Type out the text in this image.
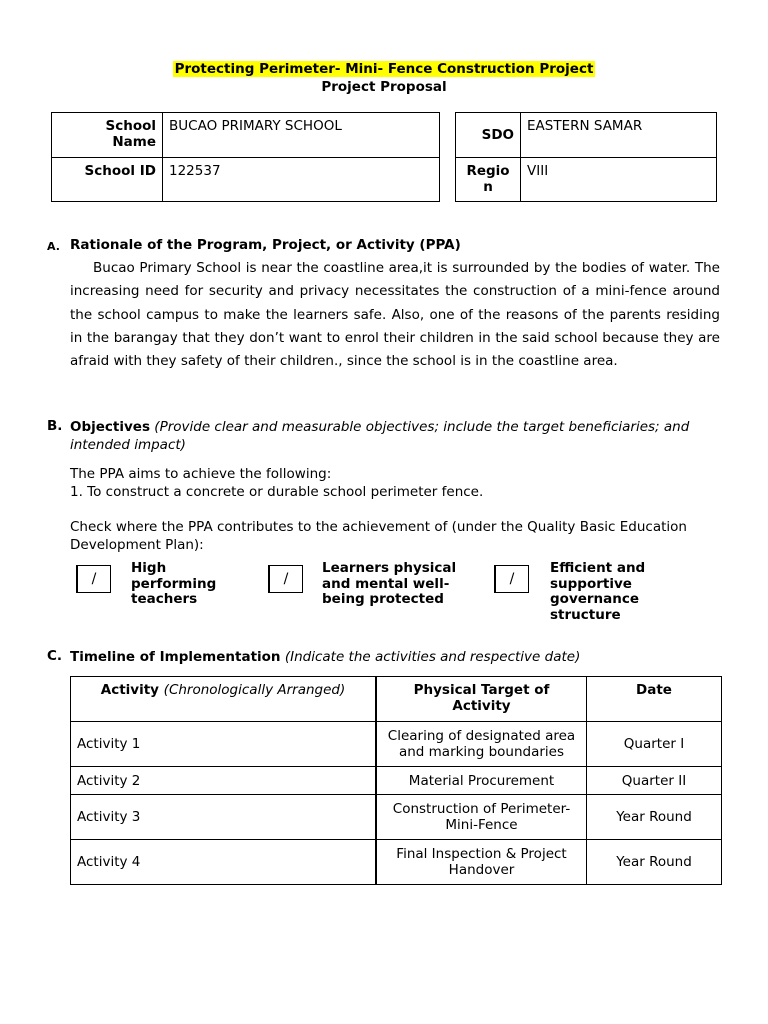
Protecting Perimeter- Mini- Fence Construction Project
Project Proposal
School
Name	BUCAO PRIMARY SCHOOL
School ID	122537
SDO	EASTERN SAMAR
Regio
n	VIII
A. Rationale of the Program, Project, or Activity (PPA)
Bucao Primary School is near the coastline area,it is surrounded by the bodies of water. The increasing need for security and privacy necessitates the construction of a mini-fence around the school campus to make the learners safe. Also, one of the reasons of the parents residing in the barangay that they don’t want to enrol their children in the said school because they are afraid with they safety of their children., since the school is in the coastline area.
B. Objectives (Provide clear and measurable objectives; include the target beneficiaries; and intended impact)
The PPA aims to achieve the following:
1. To construct a concrete or durable school perimeter fence.
Check where the PPA contributes to the achievement of (under the Quality Basic Education Development Plan):
/
High performing teachers
/
Learners physical and mental well-being protected
/
Efficient and supportive governance structure
C. Timeline of Implementation (Indicate the activities and respective date)
Activity (Chronologically Arranged)	Physical Target of Activity	Date
Activity 1	Clearing of designated area and marking boundaries	Quarter I
Activity 2	Material Procurement	Quarter II
Activity 3	Construction of Perimeter-Mini-Fence	Year Round
Activity 4	Final Inspection & Project Handover	Year Round
